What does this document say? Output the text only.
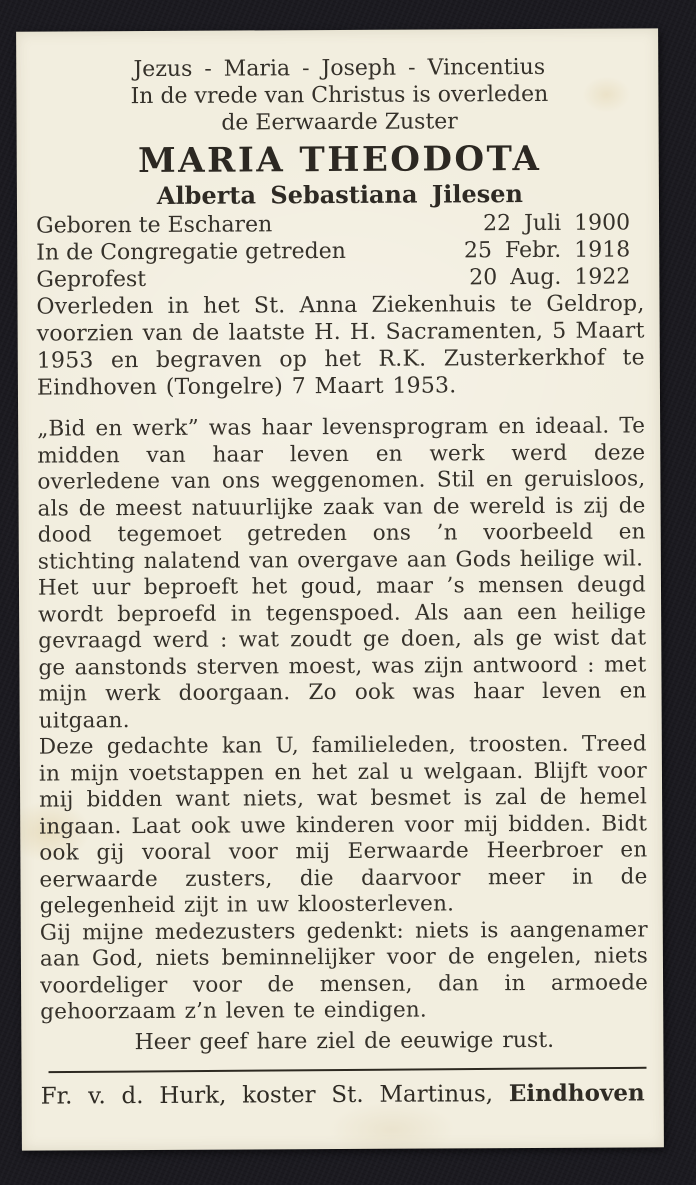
Jezus - Maria - Joseph - Vincentius
In de vrede van Christus is overleden
de Eerwaarde Zuster
MARIA THEODOTA
Alberta Sebastiana Jilesen
Geboren te Escharen	22 Juli 1900
In de Congregatie getreden	25 Febr. 1918
Geprofest	20 Aug. 1922

Overleden in het St. Anna Ziekenhuis te Geldrop, voorzien van de laatste H. H. Sacramenten, 5 Maart 1953 en begraven op het R.K. Zusterkerkhof te Eindhoven (Tongelre) 7 Maart 1953.

„Bid en werk” was haar levensprogram en ideaal. Te midden van haar leven en werk werd deze overledene van ons weggenomen. Stil en geruisloos, als de meest natuurlijke zaak van de wereld is zij de dood tegemoet getreden ons ’n voorbeeld en stichting nalatend van overgave aan Gods heilige wil.

Het uur beproeft het goud, maar ’s mensen deugd wordt beproefd in tegenspoed. Als aan een heilige gevraagd werd : wat zoudt ge doen, als ge wist dat ge aanstonds sterven moest, was zijn antwoord : met mijn werk doorgaan. Zo ook was haar leven en uitgaan.

Deze gedachte kan U, familieleden, troosten. Treed in mijn voetstappen en het zal u welgaan. Blijft voor mij bidden want niets, wat besmet is zal de hemel ingaan. Laat ook uwe kinderen voor mij bidden. Bidt ook gij vooral voor mij Eerwaarde Heerbroer en eerwaarde zusters, die daarvoor meer in de gelegenheid zijt in uw kloosterleven.

Gij mijne medezusters gedenkt: niets is aangenamer aan God, niets beminnelijker voor de engelen, niets voordeliger voor de mensen, dan in armoede gehoorzaam z’n leven te eindigen.

Heer geef hare ziel de eeuwige rust.
Fr. v. d. Hurk, koster St. Martinus, Eindhoven
